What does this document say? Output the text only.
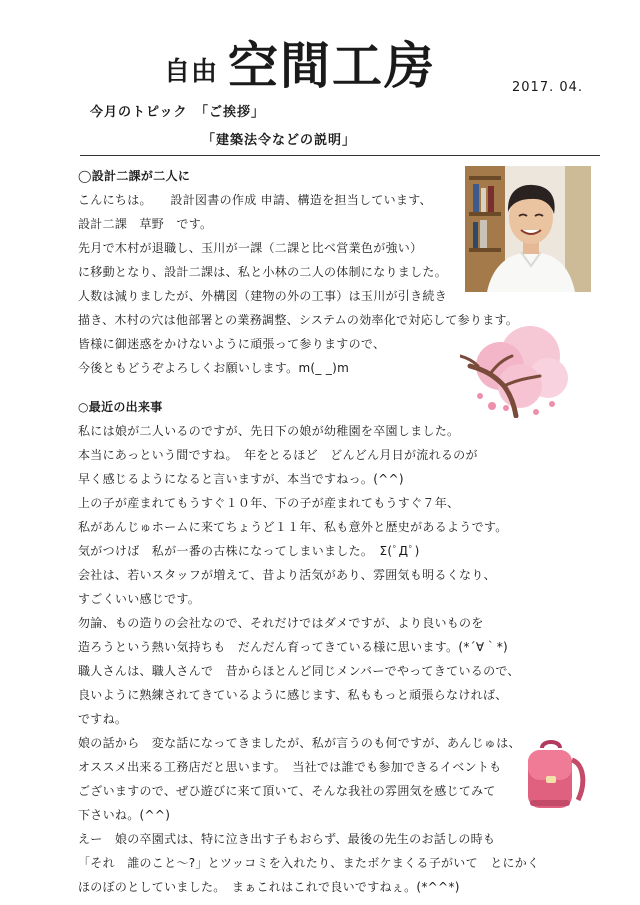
自由 空間工房	2017. 04.
今月のトピック　「ご挨拶」
「建築法令などの説明」
◯設計二課が二人に
こんにちは。　　設計図書の作成 申請、構造を担当しています、
設計二課　草野　です。
先月で木村が退職し、玉川が一課（二課と比べ営業色が強い）
に移動となり、設計二課は、私と小林の二人の体制になりました。
人数は減りましたが、外構図（建物の外の工事）は玉川が引き続き
描き、木村の穴は他部署との業務調整、システムの効率化で対応して参ります。
皆様に御迷惑をかけないように頑張って参りますので、
今後ともどうぞよろしくお願いします。m(_ _)m
○最近の出来事
私には娘が二人いるのですが、先日下の娘が幼稚園を卒園しました。
本当にあっという間ですね。　年をとるほど　どんどん月日が流れるのが
早く感じるようになると言いますが、本当ですねっ。(^^)
上の子が産まれてもうすぐ１０年、下の子が産まれてもうすぐ７年、
私があんじゅホームに来てちょうど１１年、私も意外と歴史があるようです。
気がつけば　私が一番の古株になってしまいました。　Σ(ﾟДﾟ)
会社は、若いスタッフが増えて、昔より活気があり、雰囲気も明るくなり、
すごくいい感じです。
勿論、もの造りの会社なので、それだけではダメですが、より良いものを
造ろうという熱い気持ちも　だんだん育ってきている様に思います。(*´∀｀*)
職人さんは、職人さんで　昔からほとんど同じメンバーでやってきているので、
良いように熟練されてきているように感じます、私ももっと頑張らなければ、
ですね。
娘の話から　変な話になってきましたが、私が言うのも何ですが、あんじゅは、
オススメ出来る工務店だと思います。　当社では誰でも参加できるイベントも
ございますので、ぜひ遊びに来て頂いて、そんな我社の雰囲気を感じてみて
下さいね。(^^)
えー　娘の卒園式は、特に泣き出す子もおらず、最後の先生のお話しの時も
「それ　誰のこと～?」とツッコミを入れたり、またボケまくる子がいて　とにかく
ほのぼのとしていました。　まぁこれはこれで良いですねぇ。(*^^*)
